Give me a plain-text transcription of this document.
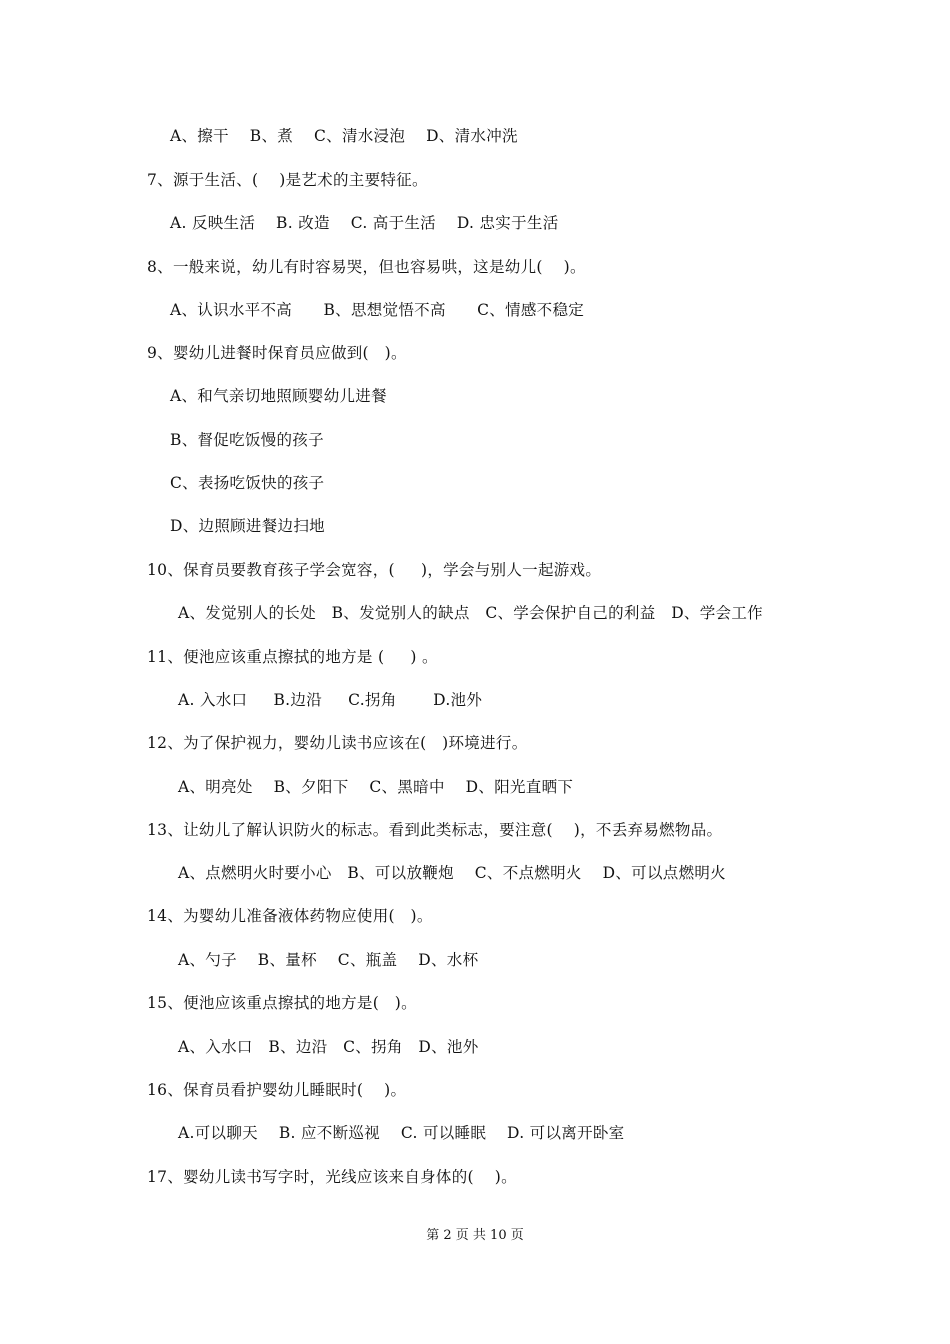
A、擦干    B、煮    C、清水浸泡    D、清水冲洗
7、源于生活、(    )是艺术的主要特征。
A. 反映生活    B. 改造    C. 高于生活    D. 忠实于生活
8、一般来说，幼儿有时容易哭，但也容易哄，这是幼儿(    )。
A、认识水平不高      B、思想觉悟不高      C、情感不稳定
9、婴幼儿进餐时保育员应做到(   )。
A、和气亲切地照顾婴幼儿进餐
B、督促吃饭慢的孩子
C、表扬吃饭快的孩子
D、边照顾进餐边扫地
10、保育员要教育孩子学会宽容，(     )，学会与别人一起游戏。
A、发觉别人的长处   B、发觉别人的缺点   C、学会保护自己的利益   D、学会工作
11、便池应该重点擦拭的地方是 (     ) 。
A. 入水口     B.边沿     C.拐角       D.池外
12、为了保护视力，婴幼儿读书应该在(   )环境进行。
A、明亮处    B、夕阳下    C、黑暗中    D、阳光直晒下
13、让幼儿了解认识防火的标志。看到此类标志，要注意(    )，不丢弃易燃物品。
A、点燃明火时要小心   B、可以放鞭炮    C、不点燃明火    D、可以点燃明火
14、为婴幼儿准备液体药物应使用(   )。
A、勺子    B、量杯    C、瓶盖    D、水杯
15、便池应该重点擦拭的地方是(   )。
A、入水口   B、边沿   C、拐角   D、池外
16、保育员看护婴幼儿睡眠时(    )。
A.可以聊天    B. 应不断巡视    C. 可以睡眠    D. 可以离开卧室
17、婴幼儿读书写字时，光线应该来自身体的(    )。
第 2 页 共 10 页
